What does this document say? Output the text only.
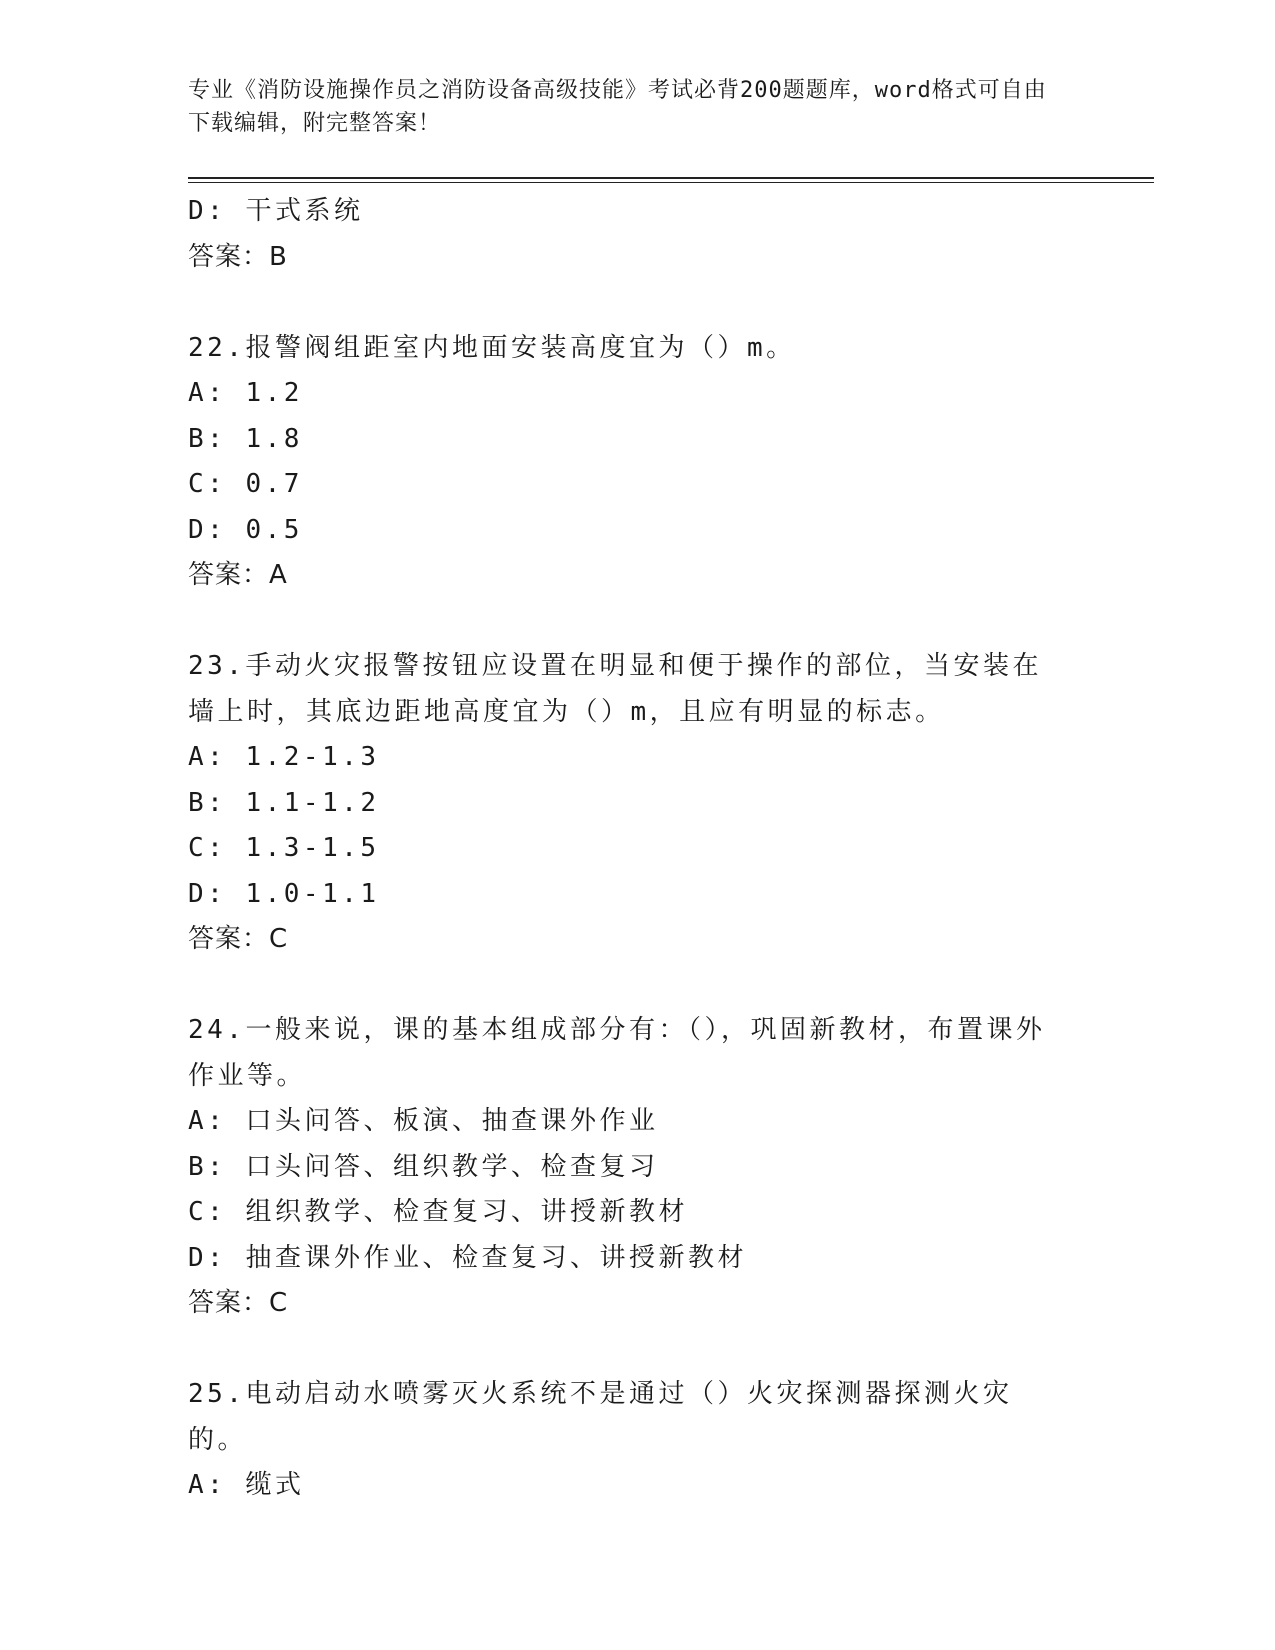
专业《消防设施操作员之消防设备高级技能》考试必背200题题库，word格式可自由下载编辑，附完整答案！
D: 干式系统
答案：B
22.报警阀组距室内地面安装高度宜为（）m。
A: 1.2
B: 1.8
C: 0.7
D: 0.5
答案：A
23.手动火灾报警按钮应设置在明显和便于操作的部位，当安装在墙上时，其底边距地高度宜为（）m，且应有明显的标志。
A: 1.2-1.3
B: 1.1-1.2
C: 1.3-1.5
D: 1.0-1.1
答案：C
24.一般来说，课的基本组成部分有：（），巩固新教材，布置课外作业等。
A: 口头问答、板演、抽查课外作业
B: 口头问答、组织教学、检查复习
C: 组织教学、检查复习、讲授新教材
D: 抽查课外作业、检查复习、讲授新教材
答案：C
25.电动启动水喷雾灭火系统不是通过（）火灾探测器探测火灾的。
A: 缆式
